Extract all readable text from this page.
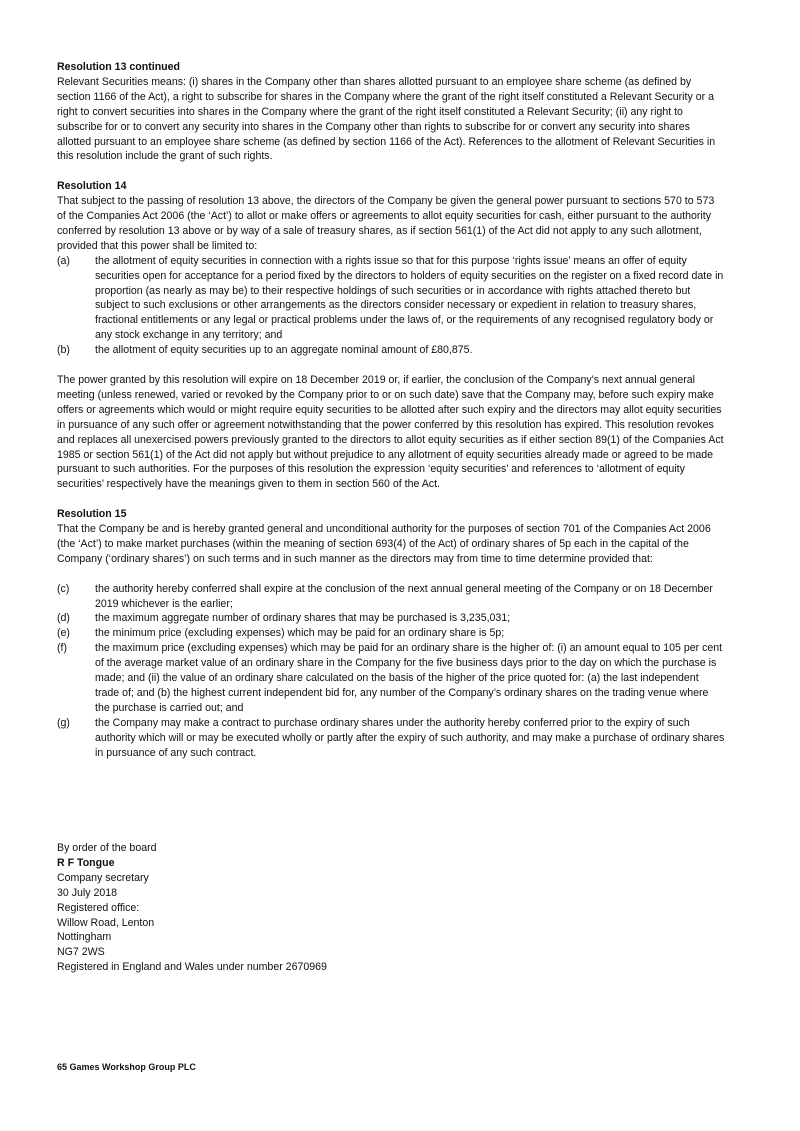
Resolution 13 continued

Relevant Securities means: (i) shares in the Company other than shares allotted pursuant to an employee share scheme (as defined by section 1166 of the Act), a right to subscribe for shares in the Company where the grant of the right itself constituted a Relevant Security or a right to convert securities into shares in the Company where the grant of the right itself constituted a Relevant Security; (ii) any right to subscribe for or to convert any security into shares in the Company other than rights to subscribe for or convert any security into shares allotted pursuant to an employee share scheme (as defined by section 1166 of the Act). References to the allotment of Relevant Securities in this resolution include the grant of such rights.

Resolution 14

That subject to the passing of resolution 13 above, the directors of the Company be given the general power pursuant to sections 570 to 573 of the Companies Act 2006 (the ‘Act’) to allot or make offers or agreements to allot equity securities for cash, either pursuant to the authority conferred by resolution 13 above or by way of a sale of treasury shares, as if section 561(1) of the Act did not apply to any such allotment, provided that this power shall be limited to:

(a)	the allotment of equity securities in connection with a rights issue so that for this purpose ‘rights issue’ means an offer of equity securities open for acceptance for a period fixed by the directors to holders of equity securities on the register on a fixed record date in proportion (as nearly as may be) to their respective holdings of such securities or in accordance with rights attached thereto but subject to such exclusions or other arrangements as the directors consider necessary or expedient in relation to treasury shares, fractional entitlements or any legal or practical problems under the laws of, or the requirements of any recognised regulatory body or any stock exchange in any territory; and
(b)	the allotment of equity securities up to an aggregate nominal amount of £80,875.

The power granted by this resolution will expire on 18 December 2019 or, if earlier, the conclusion of the Company's next annual general meeting (unless renewed, varied or revoked by the Company prior to or on such date) save that the Company may, before such expiry make offers or agreements which would or might require equity securities to be allotted after such expiry and the directors may allot equity securities in pursuance of any such offer or agreement notwithstanding that the power conferred by this resolution has expired. This resolution revokes and replaces all unexercised powers previously granted to the directors to allot equity securities as if either section 89(1) of the Companies Act 1985 or section 561(1) of the Act did not apply but without prejudice to any allotment of equity securities already made or agreed to be made pursuant to such authorities. For the purposes of this resolution the expression ‘equity securities’ and references to ‘allotment of equity securities’ respectively have the meanings given to them in section 560 of the Act.

Resolution 15

That the Company be and is hereby granted general and unconditional authority for the purposes of section 701 of the Companies Act 2006 (the ‘Act’) to make market purchases (within the meaning of section 693(4) of the Act) of ordinary shares of 5p each in the capital of the Company (‘ordinary shares’) on such terms and in such manner as the directors may from time to time determine provided that:

(c)	the authority hereby conferred shall expire at the conclusion of the next annual general meeting of the Company or on 18 December 2019 whichever is the earlier;
(d)	the maximum aggregate number of ordinary shares that may be purchased is 3,235,031;
(e)	the minimum price (excluding expenses) which may be paid for an ordinary share is 5p;
(f)	the maximum price (excluding expenses) which may be paid for an ordinary share is the higher of: (i) an amount equal to 105 per cent of the average market value of an ordinary share in the Company for the five business days prior to the day on which the purchase is made; and (ii) the value of an ordinary share calculated on the basis of the higher of the price quoted for: (a) the last independent trade of; and (b) the highest current independent bid for, any number of the Company’s ordinary shares on the trading venue where the purchase is carried out; and
(g)	the Company may make a contract to purchase ordinary shares under the authority hereby conferred prior to the expiry of such authority which will or may be executed wholly or partly after the expiry of such authority, and may make a purchase of ordinary shares in pursuance of any such contract.

By order of the board

R F Tongue

Company secretary

30 July 2018

Registered office:

Willow Road, Lenton

Nottingham

NG7 2WS

Registered in England and Wales under number 2670969

65 Games Workshop Group PLC
